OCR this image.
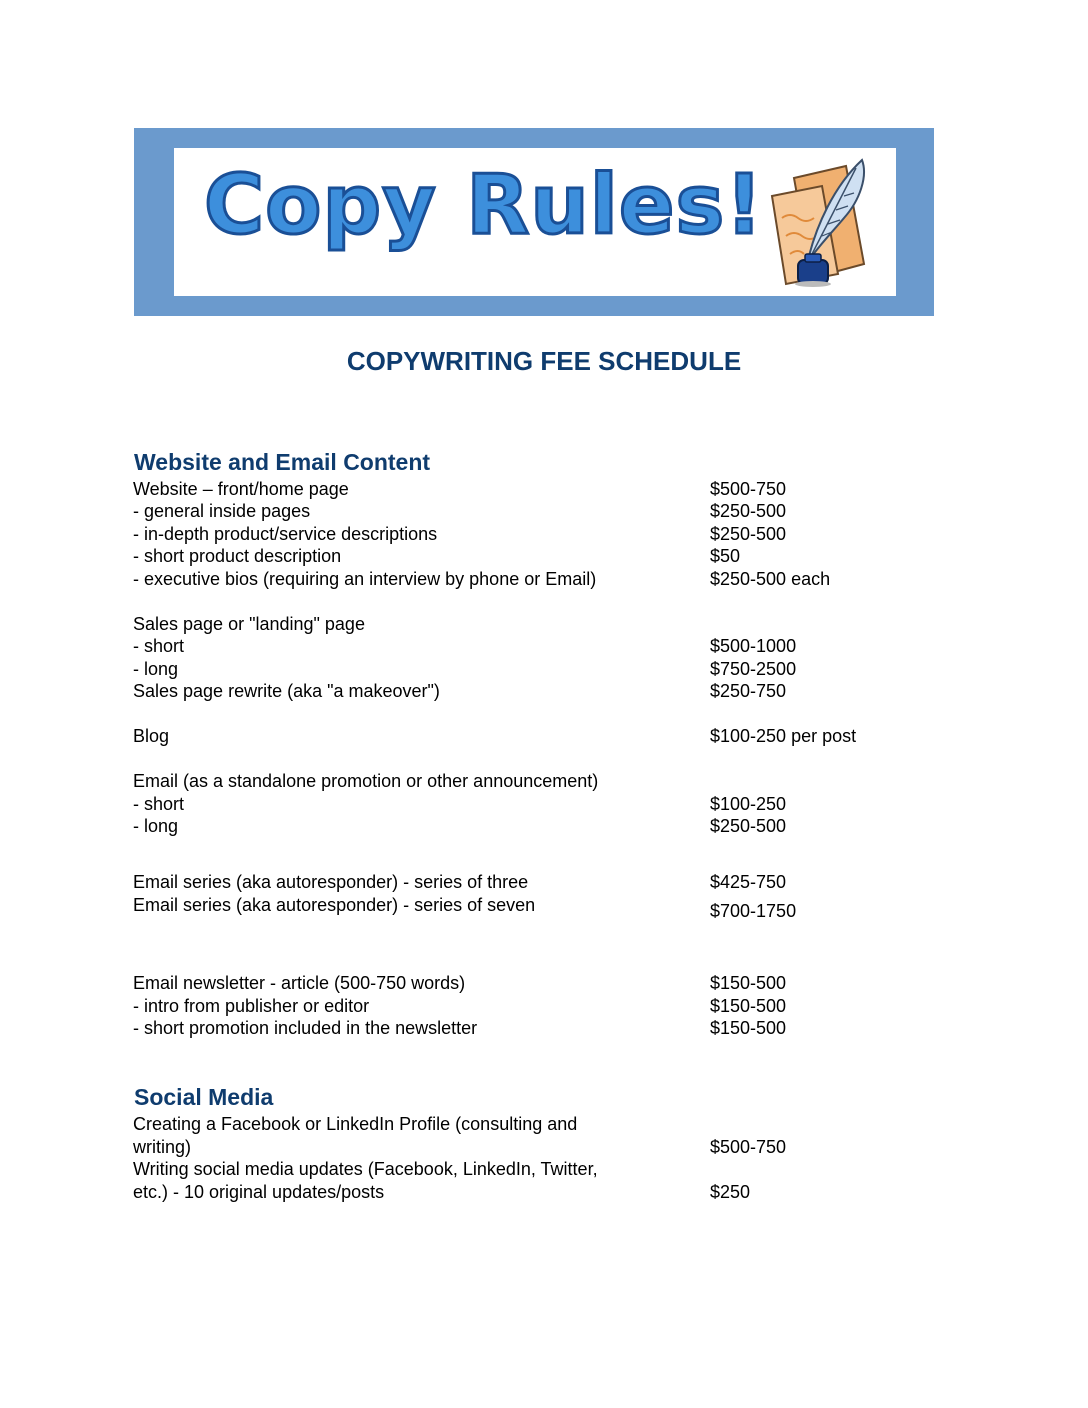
Copy Rules!
COPYWRITING FEE SCHEDULE
Website and Email Content
Website – front/home page	$500-750
- general inside pages	$250-500
- in-depth product/service descriptions	$250-500
- short product description	$50
- executive bios (requiring an interview by phone or Email)	$250-500 each
Sales page or "landing" page
- short	$500-1000
- long	$750-2500
Sales page rewrite (aka "a makeover")	$250-750
Blog	$100-250 per post
Email (as a standalone promotion or other announcement)
- short	$100-250
- long	$250-500
Email series (aka autoresponder) - series of three	$425-750
Email series (aka autoresponder) - series of seven	$700-1750
Email newsletter - article (500-750 words)	$150-500
- intro from publisher or editor	$150-500
- short promotion included in the newsletter	$150-500
Social Media
Creating a Facebook or LinkedIn Profile (consulting and
writing)	$500-750
Writing social media updates (Facebook, LinkedIn, Twitter,
etc.) - 10 original updates/posts	$250
